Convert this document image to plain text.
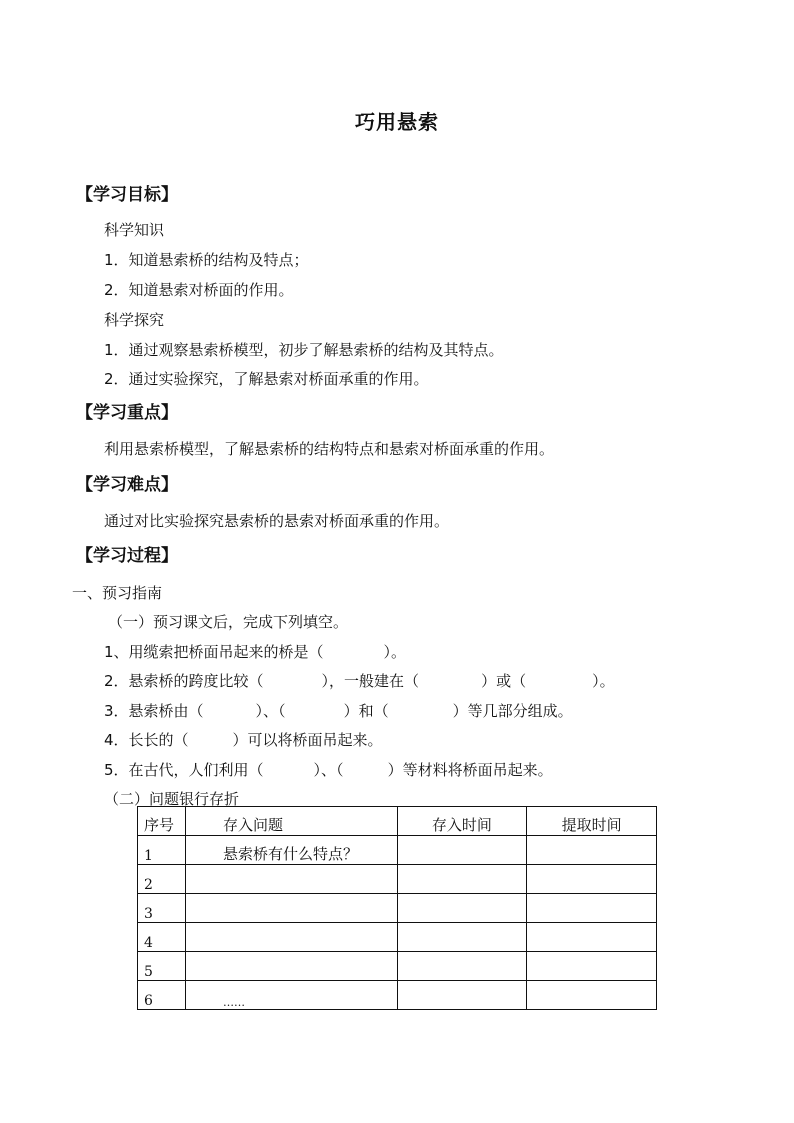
巧用悬索
【学习目标】
科学知识
1．知道悬索桥的结构及特点；
2．知道悬索对桥面的作用。
科学探究
1．通过观察悬索桥模型，初步了解悬索桥的结构及其特点。
2．通过实验探究，了解悬索对桥面承重的作用。
【学习重点】
利用悬索桥模型，了解悬索桥的结构特点和悬索对桥面承重的作用。
【学习难点】
通过对比实验探究悬索桥的悬索对桥面承重的作用。
【学习过程】
一、预习指南
（一）预习课文后，完成下列填空。
1、用缆索把桥面吊起来的桥是（	）。
2．悬索桥的跨度比较（	），一般建在（	）或（	）。
3．悬索桥由（	）、（	）和（	）等几部分组成。
4．长长的（	）可以将桥面吊起来。
5．在古代，人们利用（	）、（	）等材料将桥面吊起来。
（二）问题银行存折
序号	存入问题	存入时间	提取时间
1	悬索桥有什么特点？		
2			
3			
4			
5			
6	……		
